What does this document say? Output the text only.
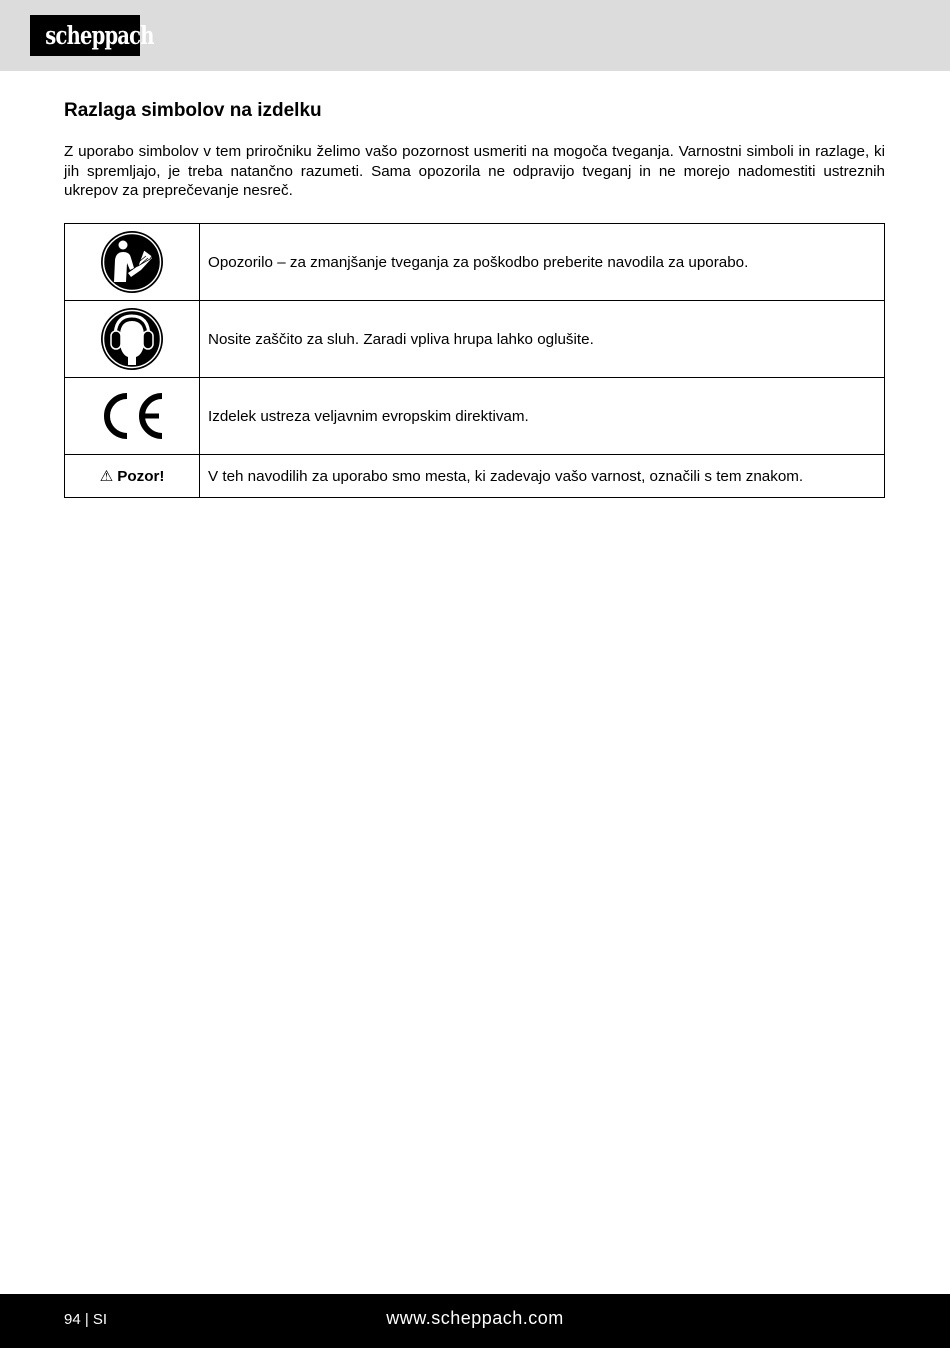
scheppach
Razlaga simbolov na izdelku

Z uporabo simbolov v tem priročniku želimo vašo pozornost usmeriti na mogoča tveganja. Varnostni simboli in razlage, ki jih spremljajo, je treba natančno razumeti. Sama opozorila ne odpravijo tveganj in ne morejo nadomestiti ustreznih ukrepov za preprečevanje nesreč.

	Opozorilo – za zmanjšanje tveganja za poškodbo preberite navodila za uporabo.

	Nosite zaščito za sluh. Zaradi vpliva hrupa lahko oglušite.

	Izdelek ustreza veljavnim evropskim direktivam.
⚠ Pozor!	V teh navodilih za uporabo smo mesta, ki zadevajo vašo varnost, označili s tem znakom.
94 | SI	www.scheppach.com
